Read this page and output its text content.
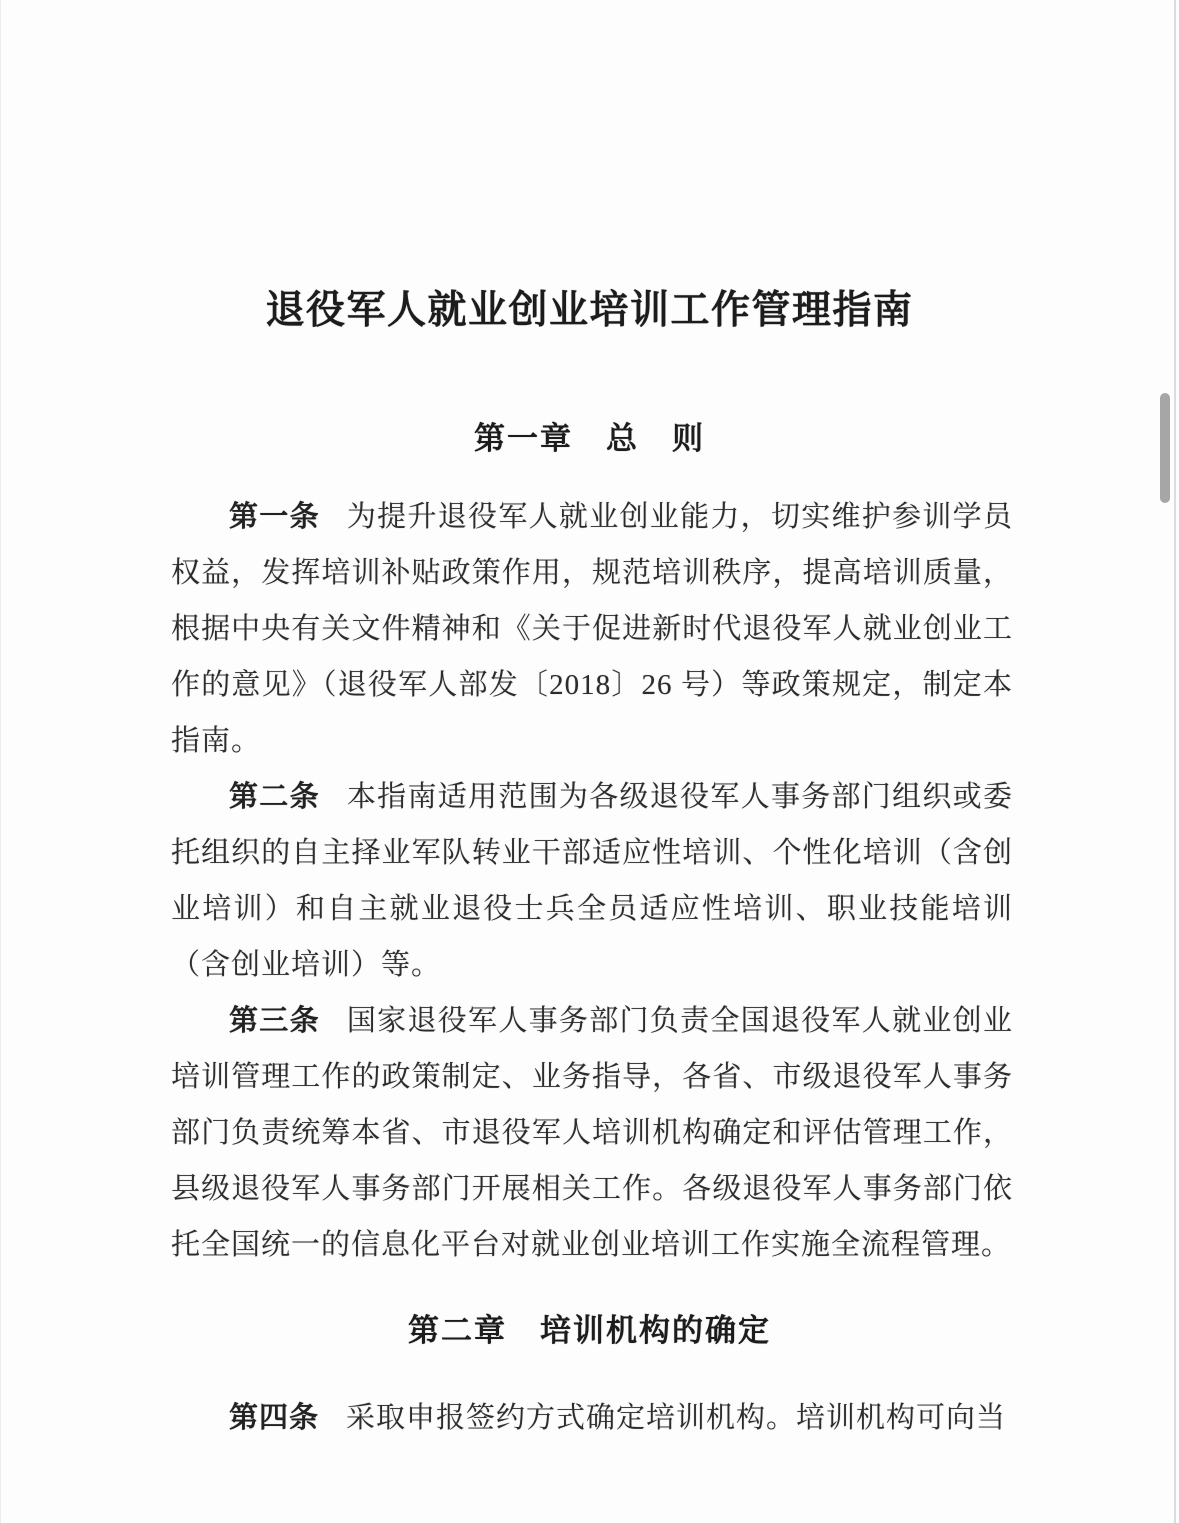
退役军人就业创业培训工作管理指南
第一章　总　则

第一条 为提升退役军人就业创业能力，切实维护参训学员权益，发挥培训补贴政策作用，规范培训秩序，提高培训质量，根据中央有关文件精神和《关于促进新时代退役军人就业创业工作的意见》（退役军人部发〔2018〕26 号）等政策规定，制定本指南。

第二条 本指南适用范围为各级退役军人事务部门组织或委托组织的自主择业军队转业干部适应性培训、个性化培训（含创业培训）和自主就业退役士兵全员适应性培训、职业技能培训（含创业培训）等。

第三条 国家退役军人事务部门负责全国退役军人就业创业培训管理工作的政策制定、业务指导，各省、市级退役军人事务部门负责统筹本省、市退役军人培训机构确定和评估管理工作，县级退役军人事务部门开展相关工作。各级退役军人事务部门依托全国统一的信息化平台对就业创业培训工作实施全流程管理。

第二章　培训机构的确定

第四条 采取申报签约方式确定培训机构。培训机构可向当
